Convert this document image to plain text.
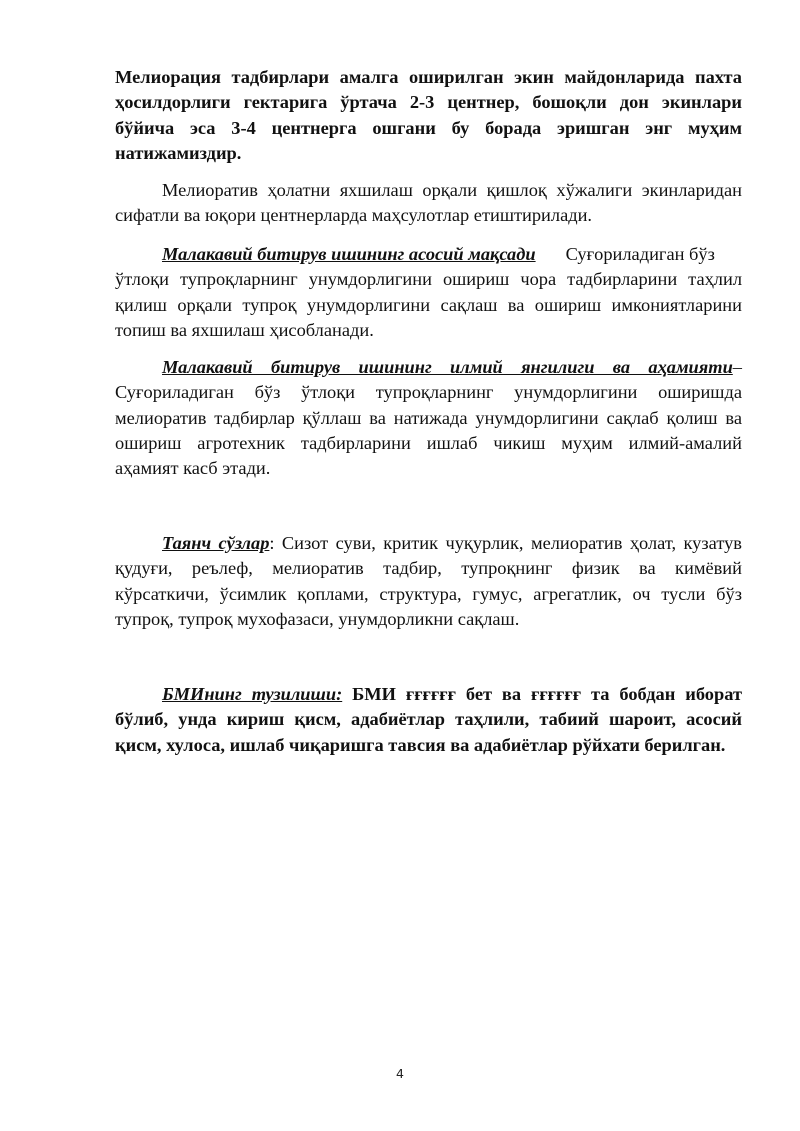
Мелиорация тадбирлари амалга оширилган экин майдонларида пахта
ҳосилдорлиги гектарига ўртача 2-3 центнер, бошоқли дон экинлари
бўйича эса 3-4 центнерга ошгани бу борада эришган энг муҳим
натижамиздир.
Мелиоратив ҳолатни яхшилаш орқали қишлоқ хўжалиги экинларидан
сифатли ва юқори центнерларда маҳсулотлар етиштирилади.
Малакавий битирув ишининг асосий мақсади Суғориладиган бўз
ўтлоқи тупроқларнинг унумдорлигини ошириш чора тадбирларини таҳлил
қилиш орқали тупроқ унумдорлигини сақлаш ва ошириш имкониятларини
топиш ва яхшилаш ҳисобланади.
Малакавий битирув ишининг илмий янгилиги ва аҳамияти–
Суғориладиган бўз ўтлоқи тупроқларнинг унумдорлигини оширишда
мелиоратив тадбирлар қўллаш ва натижада унумдорлигини сақлаб қолиш ва
ошириш агротехник тадбирларини ишлаб чикиш муҳим илмий-амалий
аҳамият касб этади.
Таянч сўзлар: Сизот суви, критик чуқурлик, мелиоратив ҳолат, кузатув
қудуғи, реълеф, мелиоратив тадбир, тупроқнинг физик ва кимёвий
кўрсаткичи, ўсимлик қоплами, структура, гумус, агрегатлик, оч тусли бўз
тупроқ, тупроқ мухофазаси, унумдорликни сақлаш.
БМИнинг тузилиши: БМИ ғғғғғғ бет ва ғғғғғғ та бобдан иборат
бўлиб, унда кириш қисм, адабиётлар таҳлили, табиий шароит, асосий
қисм, хулоса, ишлаб чиқаришга тавсия ва адабиётлар рўйхати берилган.
4
